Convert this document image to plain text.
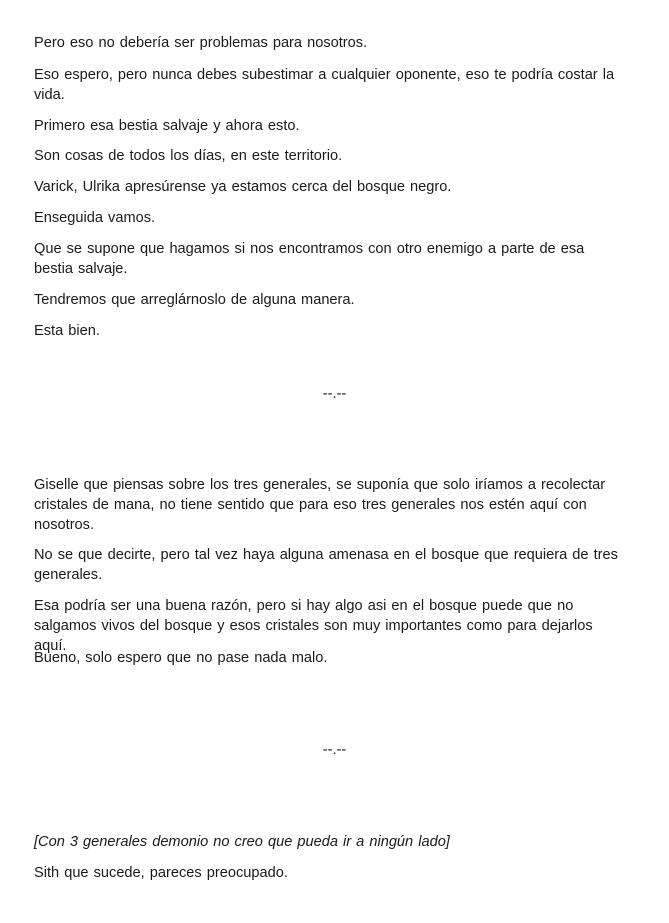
Pero eso no debería ser problemas para nosotros.

Eso espero, pero nunca debes subestimar a cualquier oponente, eso te podría costar la vida.

Primero esa bestia salvaje y ahora esto.

Son cosas de todos los días, en este territorio.

Varick, Ulrika apresúrense ya estamos cerca del bosque negro.

Enseguida vamos.

Que se supone que hagamos si nos encontramos con otro enemigo a parte de esa bestia salvaje.

Tendremos que arreglárnoslo de alguna manera.

Esta bien.

--.--

Giselle que piensas sobre los tres generales, se suponía que solo iríamos a recolectar cristales de mana, no tiene sentido que para eso tres generales nos estén aquí con nosotros.

No se que decirte, pero tal vez haya alguna amenasa en el bosque que requiera de tres generales.

Esa podría ser una buena razón, pero si hay algo asi en el bosque puede que no salgamos vivos del bosque y esos cristales son muy importantes como para dejarlos aquí.

Bueno, solo espero que no pase nada malo.

--.--

[Con 3 generales demonio no creo que pueda ir a ningún lado]

Sith que sucede, pareces preocupado.
